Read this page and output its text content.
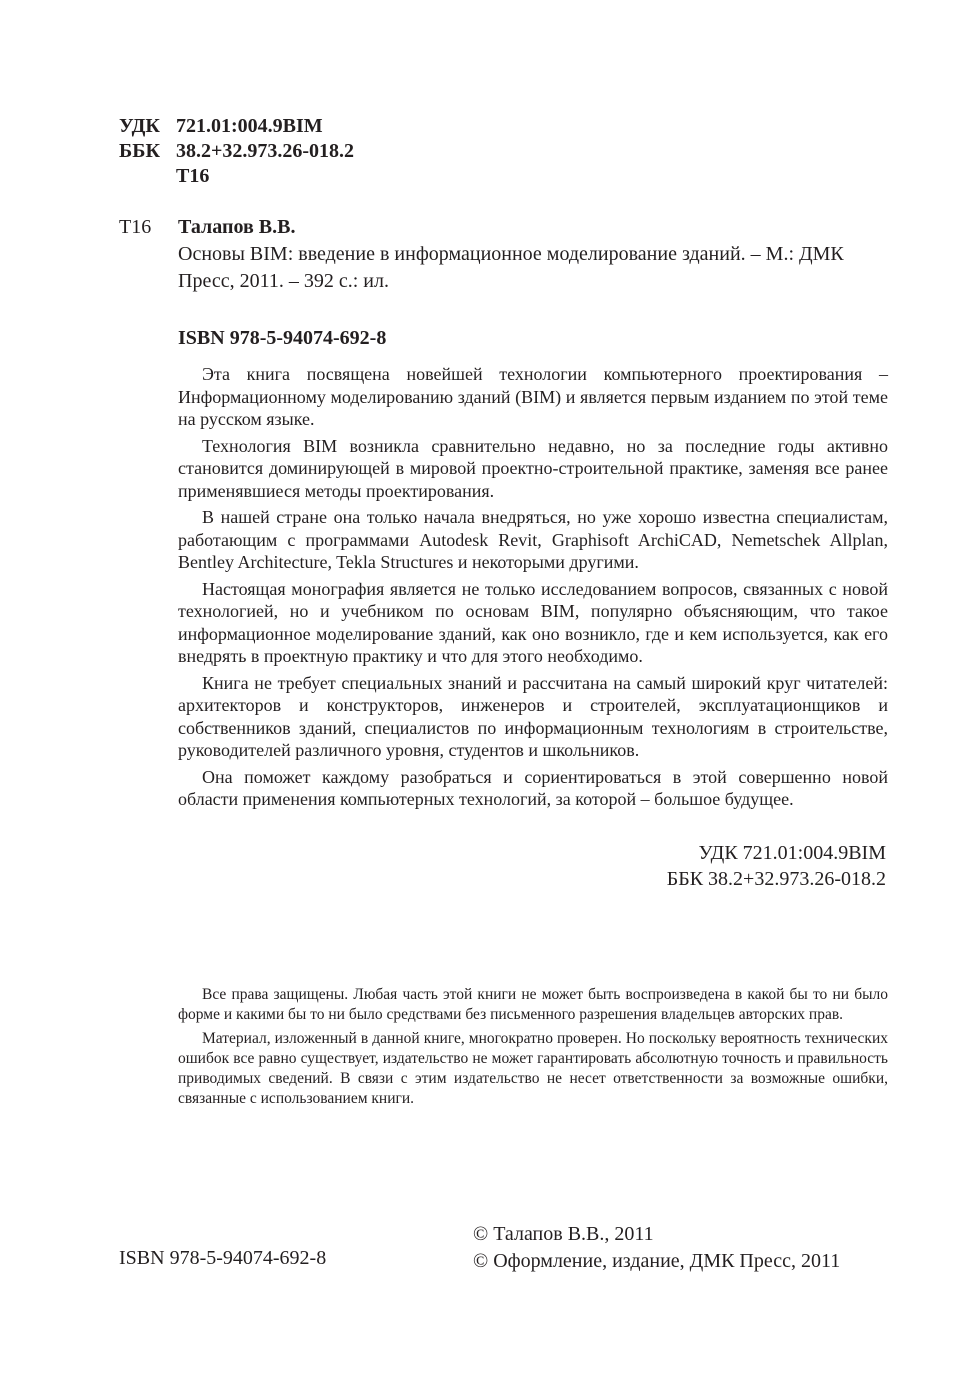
УДК 721.01:004.9BIM
ББК 38.2+32.973.26-018.2
Т16
Т16 Талапов В.В.
Основы BIM: введение в информационное моделирование зданий. – М.: ДМК Пресс, 2011. – 392 с.: ил.
ISBN 978-5-94074-692-8

Эта книга посвящена новейшей технологии компьютерного проектирования – Информационному моделированию зданий (BIM) и является первым изданием по этой теме на русском языке.

Технология BIM возникла сравнительно недавно, но за последние годы активно становится доминирующей в мировой проектно-строительной практике, заменяя все ранее применявшиеся методы проектирования.

В нашей стране она только начала внедряться, но уже хорошо известна специалистам, работающим с программами Autodesk Revit, Graphisoft ArchiCAD, Nemetschek Allplan, Bentley Architecture, Tekla Structures и некоторыми другими.

Настоящая монография является не только исследованием вопросов, связанных с новой технологией, но и учебником по основам BIM, популярно объясняющим, что такое информационное моделирование зданий, как оно возникло, где и кем используется, как его внедрять в проектную практику и что для этого необходимо.

Книга не требует специальных знаний и рассчитана на самый широкий круг читателей: архитекторов и конструкторов, инженеров и строителей, эксплуатационщиков и собственников зданий, специалистов по информационным технологиям в строительстве, руководителей различного уровня, студентов и школьников.

Она поможет каждому разобраться и сориентироваться в этой совершенно новой области применения компьютерных технологий, за которой – большое будущее.

УДК 721.01:004.9BIM
ББК 38.2+32.973.26-018.2

Все права защищены. Любая часть этой книги не может быть воспроизведена в какой бы то ни было форме и какими бы то ни было средствами без письменного разрешения владельцев авторских прав.

Материал, изложенный в данной книге, многократно проверен. Но поскольку вероятность технических ошибок все равно существует, издательство не может гарантировать абсолютную точность и правильность приводимых сведений. В связи с этим издательство не несет ответственности за возможные ошибки, связанные с использованием книги.

ISBN 978-5-94074-692-8
© Талапов В.В., 2011
© Оформление, издание, ДМК Пресс, 2011
